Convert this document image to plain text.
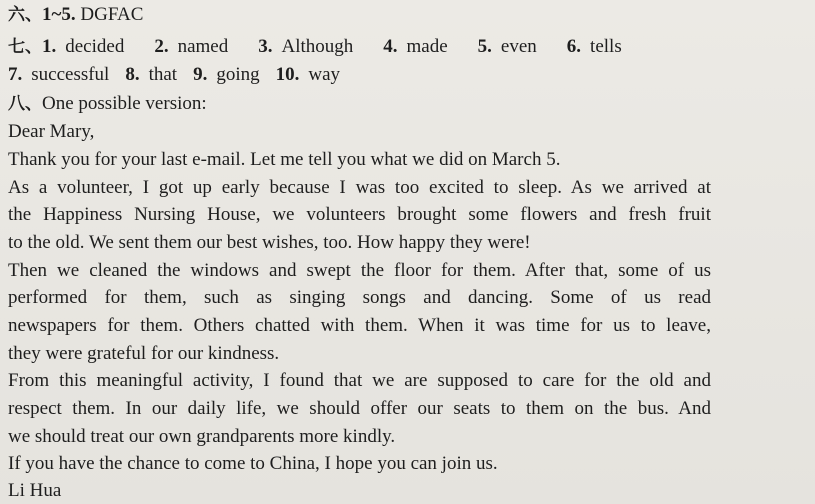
六、1~5. DGFAC
七、1. decided 2. named 3. Although 4. made 5. even 6. tells
7. successful 8. that 9. going 10. way
八、One possible version:
Dear Mary,
Thank you for your last e-mail. Let me tell you what we did on March 5.
As a volunteer, I got up early because I was too excited to sleep. As we arrived at
the Happiness Nursing House, we volunteers brought some flowers and fresh fruit
to the old. We sent them our best wishes, too. How happy they were!
Then we cleaned the windows and swept the floor for them. After that, some of us
performed for them, such as singing songs and dancing. Some of us read
newspapers for them. Others chatted with them. When it was time for us to leave,
they were grateful for our kindness.
From this meaningful activity, I found that we are supposed to care for the old and
respect them. In our daily life, we should offer our seats to them on the bus. And
we should treat our own grandparents more kindly.
If you have the chance to come to China, I hope you can join us.
Li Hua
